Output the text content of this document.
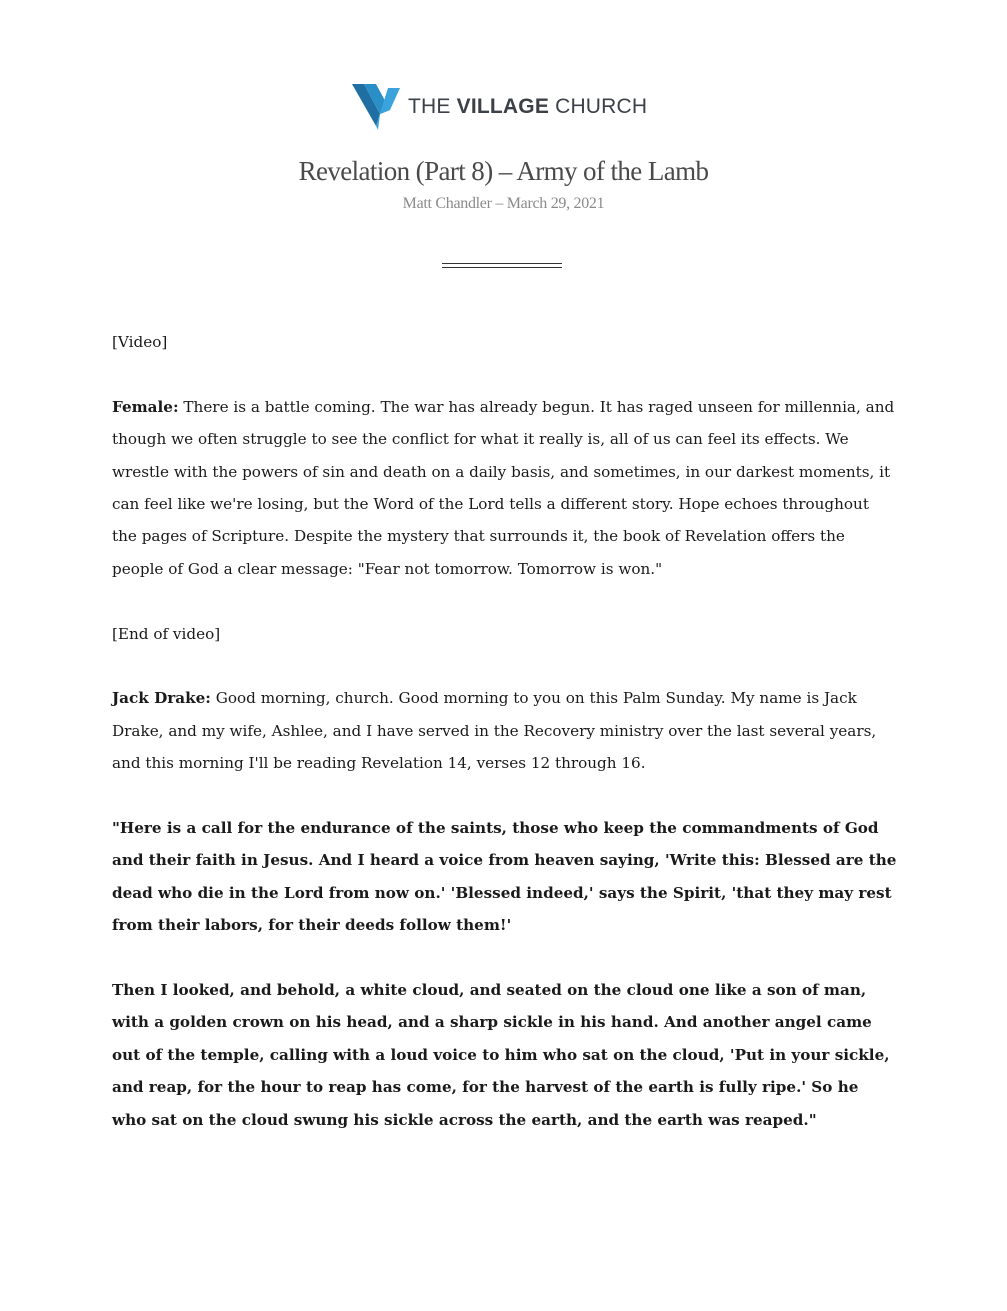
THE VILLAGE CHURCH
Revelation (Part 8) – Army of the Lamb
Matt Chandler – March 29, 2021

[Video]

Female: There is a battle coming. The war has already begun. It has raged unseen for millennia, and though we often struggle to see the conflict for what it really is, all of us can feel its effects. We wrestle with the powers of sin and death on a daily basis, and sometimes, in our darkest moments, it can feel like we're losing, but the Word of the Lord tells a different story. Hope echoes throughout the pages of Scripture. Despite the mystery that surrounds it, the book of Revelation offers the people of God a clear message: "Fear not tomorrow. Tomorrow is won."

[End of video]

Jack Drake: Good morning, church. Good morning to you on this Palm Sunday. My name is Jack Drake, and my wife, Ashlee, and I have served in the Recovery ministry over the last several years, and this morning I'll be reading Revelation 14, verses 12 through 16.

"Here is a call for the endurance of the saints, those who keep the commandments of God and their faith in Jesus. And I heard a voice from heaven saying, 'Write this: Blessed are the dead who die in the Lord from now on.' 'Blessed indeed,' says the Spirit, 'that they may rest from their labors, for their deeds follow them!'

Then I looked, and behold, a white cloud, and seated on the cloud one like a son of man, with a golden crown on his head, and a sharp sickle in his hand. And another angel came out of the temple, calling with a loud voice to him who sat on the cloud, 'Put in your sickle, and reap, for the hour to reap has come, for the harvest of the earth is fully ripe.' So he who sat on the cloud swung his sickle across the earth, and the earth was reaped."
